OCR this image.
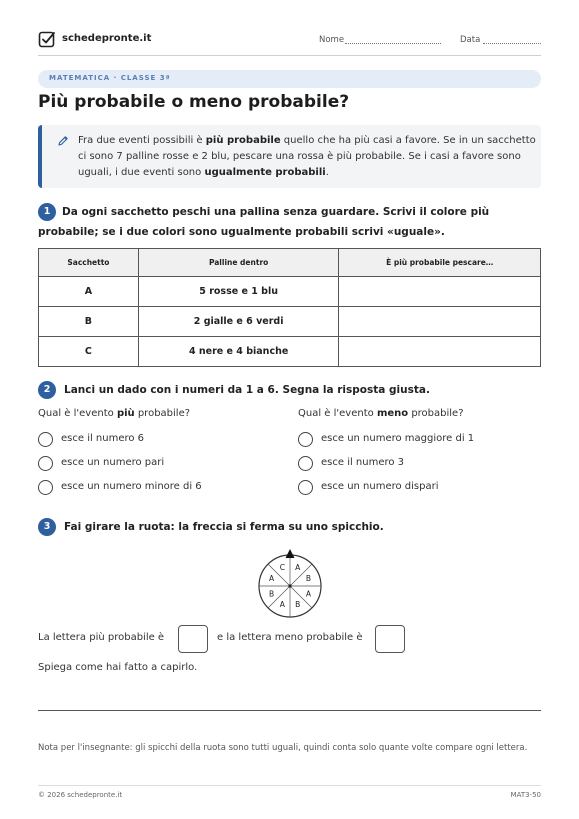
schedepronte.it	Nome	Data
MATEMATICA · CLASSE 3ª
Più probabile o meno probabile?
Fra due eventi possibili è più probabile quello che ha più casi a favore. Se in un sacchetto ci sono 7 palline rosse e 2 blu, pescare una rossa è più probabile. Se i casi a favore sono uguali, i due eventi sono ugualmente probabili.
1	Da ogni sacchetto peschi una pallina senza guardare. Scrivi il colore più
probabile; se i due colori sono ugualmente probabili scrivi «uguale».
Sacchetto	Palline dentro	È più probabile pescare…
A	5 rosse e 1 blu	
B	2 gialle e 6 verdi	
C	4 nere e 4 bianche	
2	Lanci un dado con i numeri da 1 a 6. Segna la risposta giusta.
Qual è l'evento più probabile?	Qual è l'evento meno probabile?
esce il numero 6
esce un numero pari
esce un numero minore di 6
esce un numero maggiore di 1
esce il numero 3
esce un numero dispari
3	Fai girare la ruota: la freccia si ferma su uno spicchio.
A
B
A
B
A
B
A
C
La lettera più probabile è	e la lettera meno probabile è
Spiega come hai fatto a capirlo.
Nota per l'insegnante: gli spicchi della ruota sono tutti uguali, quindi conta solo quante volte compare ogni lettera.
© 2026 schedepronte.it	MAT3-50
